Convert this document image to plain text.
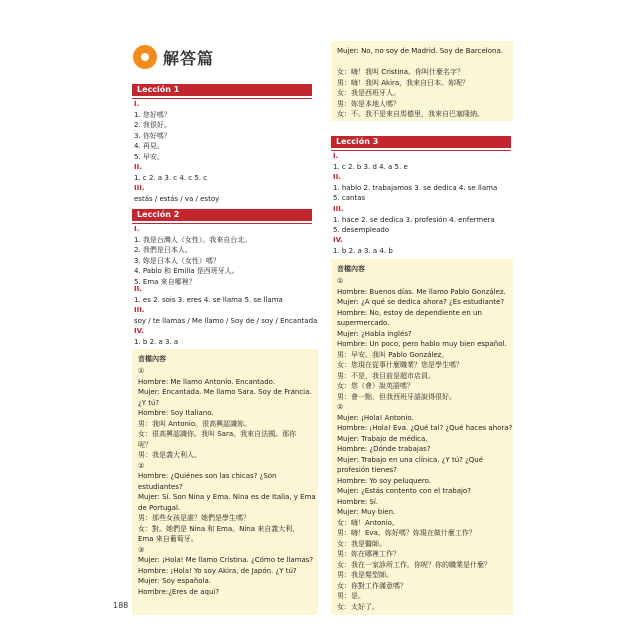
解答篇
Lección 1
I.
1. 您好嗎？
2. 我很好。
3. 你好嗎？
4. 再見。
5. 早安。
II.
1. c 2. a 3. c 4. c 5. c
III.
estás / estás / va / estoy
Lección 2
I.
1. 我是台灣人（女性）。我來自台北。
2. 我們是日本人。
3. 妳是日本人（女性）嗎？
4. Pablo 和 Emilia 是西班牙人。
5. Ema 來自哪裡？
II.
1. es 2. sois 3. eres 4. se llama 5. se llama
III.
soy / te llamas / Me llamo / Soy de / soy / Encantada
IV.
1. b 2. a 3. a
音檔內容
①
Hombre: Me llamo Antonio. Encantado.
Mujer: Encantada. Me llamo Sara. Soy de Francia.
¿Y tú?
Hombre: Soy Italiano.
男：我叫 Antonio。很高興認識妳。
女：很高興認識你。我叫 Sara。我來自法國。那你
呢？
男：我是義大利人。
②
Hombre: ¿Quiénes son las chicas? ¿Son
estudiantes?
Mujer: Sí. Son Nina y Ema. Nina es de Italia, y Ema
de Portugal.
男：那些女孩是誰？她們是學生嗎？
女：對。她們是 Nina 和 Ema。Nina 來自義大利，
Ema 來自葡萄牙。
③
Mujer: ¡Hola! Me llamo Cristina. ¿Cómo te llamas?
Hombre: ¡Hola! Yo soy Akira, de Japón. ¿Y tú?
Mujer: Soy española.
Hombre:¿Eres de aquí?
Mujer: No, no soy de Madrid. Soy de Barcelona.

女：嗨！我叫 Cristina。你叫什麼名字？
男：嗨！我叫 Akira，我來自日本。妳呢？
女：我是西班牙人。
男：妳是本地人嗎？
女：不。我不是來自馬德里，我來自巴塞隆納。
Lección 3
I.
1. c 2. b 3. d 4. a 5. e
II.
1. hablo 2. trabajamos 3. se dedica 4. se llama
5. cantas
III.
1. hace 2. se dedica 3. profesión 4. enfermera
5. desempleado
IV.
1. b 2. a 3. a 4. b
音檔內容
①
Hombre: Buenos días. Me llamo Pablo González.
Mujer: ¿A qué se dedica ahora? ¿Es estudiante?
Hombre: No, estoy de dependiente en un
supermercado.
Mujer: ¿Habla inglés?
Hombre: Un poco, pero hablo muy bien español.
男：早安。我叫 Pablo González。
女：您現在從事什麼職業？您是學生嗎？
男：不是，我目前是超市店員。
女：您（會）說英語嗎？
男：會一點，但我西班牙語說得很好。
②
Mujer: ¡Hola! Antonio.
Hombre: ¡Hola! Eva. ¿Qué tal? ¿Qué haces ahora?
Mujer: Trabajo de médica.
Hombre: ¿Dónde trabajas?
Mujer: Trabajo en una clínica. ¿Y tú? ¿Qué
profesión tienes?
Hombre: Yo soy peluquero.
Mujer: ¿Estás contento con el trabajo?
Hombre: Sí.
Mujer: Muy bien.
女：嗨！Antonio。
男：嗨！Eva。妳好嗎？妳現在做什麼工作？
女：我是醫師。
男：妳在哪裡工作？
女：我在一家診所工作。你呢？你的職業是什麼？
男：我是髮型師。
女：你對工作滿意嗎？
男：是。
女：太好了。
188
